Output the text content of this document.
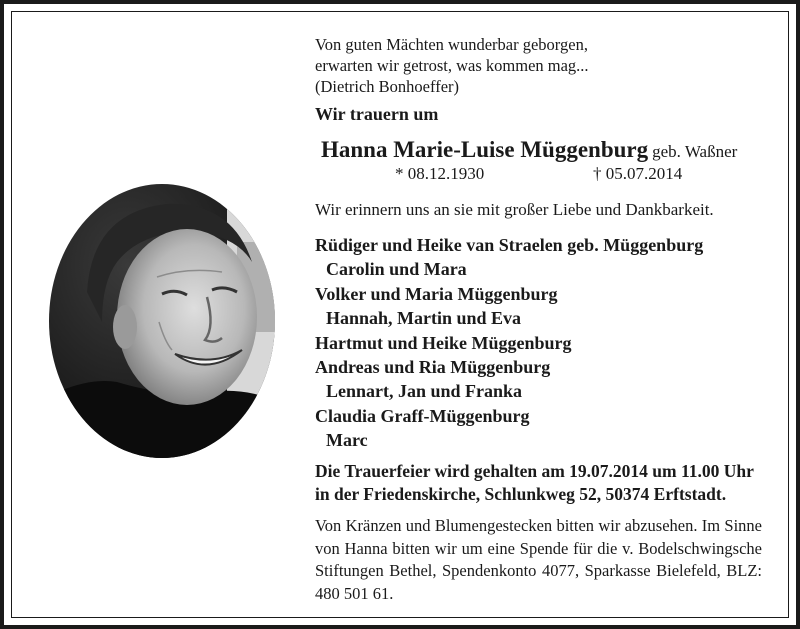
Von guten Mächten wunderbar geborgen,
erwarten wir getrost, was kommen mag...
(Dietrich Bonhoeffer)
Wir trauern um
Hanna Marie-Luise Müggenburg geb. Waßner
* 08.12.1930	† 05.07.2014
Wir erinnern uns an sie mit großer Liebe und Dankbarkeit.
Rüdiger und Heike van Straelen geb. Müggenburg
Carolin und Mara
Volker und Maria Müggenburg
Hannah, Martin und Eva
Hartmut und Heike Müggenburg
Andreas und Ria Müggenburg
Lennart, Jan und Franka
Claudia Graff-Müggenburg
Marc
Die Trauerfeier wird gehalten am 19.07.2014 um 11.00 Uhr
in der Friedenskirche, Schlunkweg 52, 50374 Erftstadt.
Von Kränzen und Blumengestecken bitten wir abzusehen. Im Sinne von Hanna bitten wir um eine Spende für die v. Bodelschwingsche Stiftungen Bethel, Spendenkonto 4077, Sparkasse Bielefeld, BLZ: 480 501 61.
